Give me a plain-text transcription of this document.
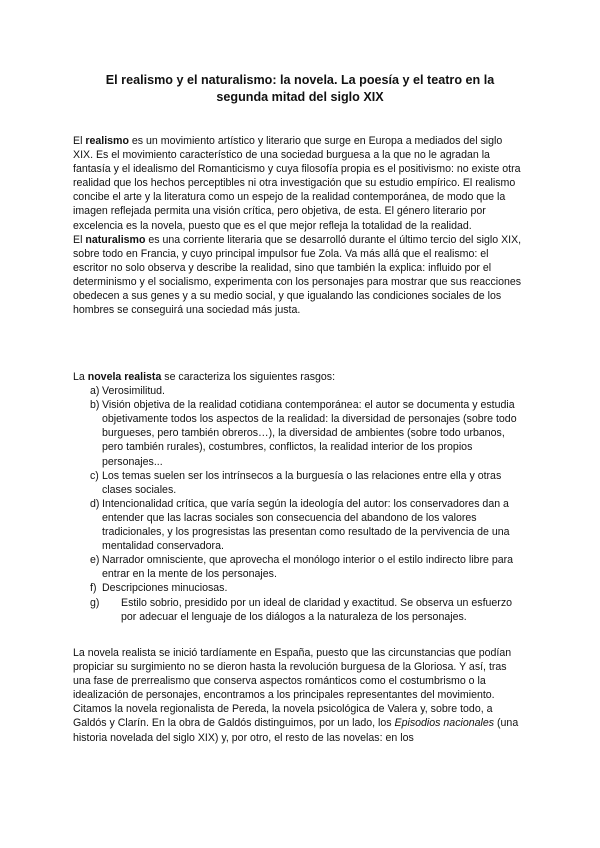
El realismo y el naturalismo: la novela. La poesía y el teatro en la segunda mitad del siglo XIX

El realismo es un movimiento artístico y literario que surge en Europa a mediados del siglo XIX. Es el movimiento característico de una sociedad burguesa a la que no le agradan la fantasía y el idealismo del Romanticismo y cuya filosofía propia es el positivismo: no existe otra realidad que los hechos perceptibles ni otra investigación que su estudio empírico. El realismo concibe el arte y la literatura como un espejo de la realidad contemporánea, de modo que la imagen reflejada permita una visión crítica, pero objetiva, de esta. El género literario por excelencia es la novela, puesto que es el que mejor refleja la totalidad de la realidad.

El naturalismo es una corriente literaria que se desarrolló durante el último tercio del siglo XIX, sobre todo en Francia, y cuyo principal impulsor fue Zola. Va más allá que el realismo: el escritor no solo observa y describe la realidad, sino que también la explica: influido por el

determinismo y el socialismo, experimenta con los personajes para mostrar que sus reacciones obedecen a sus genes y a su medio social, y que igualando las condiciones sociales de los hombres se conseguirá una sociedad más justa.

La novela realista se caracteriza los siguientes rasgos:

a) Verosimilitud.
b) Visión objetiva de la realidad cotidiana contemporánea: el autor se documenta y estudia objetivamente todos los aspectos de la realidad: la diversidad de personajes (sobre todo burgueses, pero también obreros…), la diversidad de ambientes (sobre todo urbanos, pero también rurales), costumbres, conflictos, la realidad interior de los propios personajes...
c) Los temas suelen ser los intrínsecos a la burguesía o las relaciones entre ella y otras clases sociales.
d) Intencionalidad crítica, que varía según la ideología del autor: los conservadores dan a entender que las lacras sociales son consecuencia del abandono de los valores tradicionales, y los progresistas las presentan como resultado de la pervivencia de una mentalidad conservadora.
e) Narrador omnisciente, que aprovecha el monólogo interior o el estilo indirecto libre para entrar en la mente de los personajes.
f) Descripciones minuciosas.
g) Estilo sobrio, presidido por un ideal de claridad y exactitud. Se observa un esfuerzo por adecuar el lenguaje de los diálogos a la naturaleza de los personajes.

La novela realista se inició tardíamente en España, puesto que las circunstancias que podían propiciar su surgimiento no se dieron hasta la revolución burguesa de la Gloriosa. Y así, tras una fase de prerrealismo que conserva aspectos románticos como el costumbrismo o la idealización de personajes, encontramos a los principales representantes del movimiento. Citamos la novela regionalista de Pereda, la novela psicológica de Valera y, sobre todo, a Galdós y Clarín. En la obra de Galdós distinguimos, por un lado, los Episodios nacionales (una historia novelada del siglo XIX) y, por otro, el resto de las novelas: en los
